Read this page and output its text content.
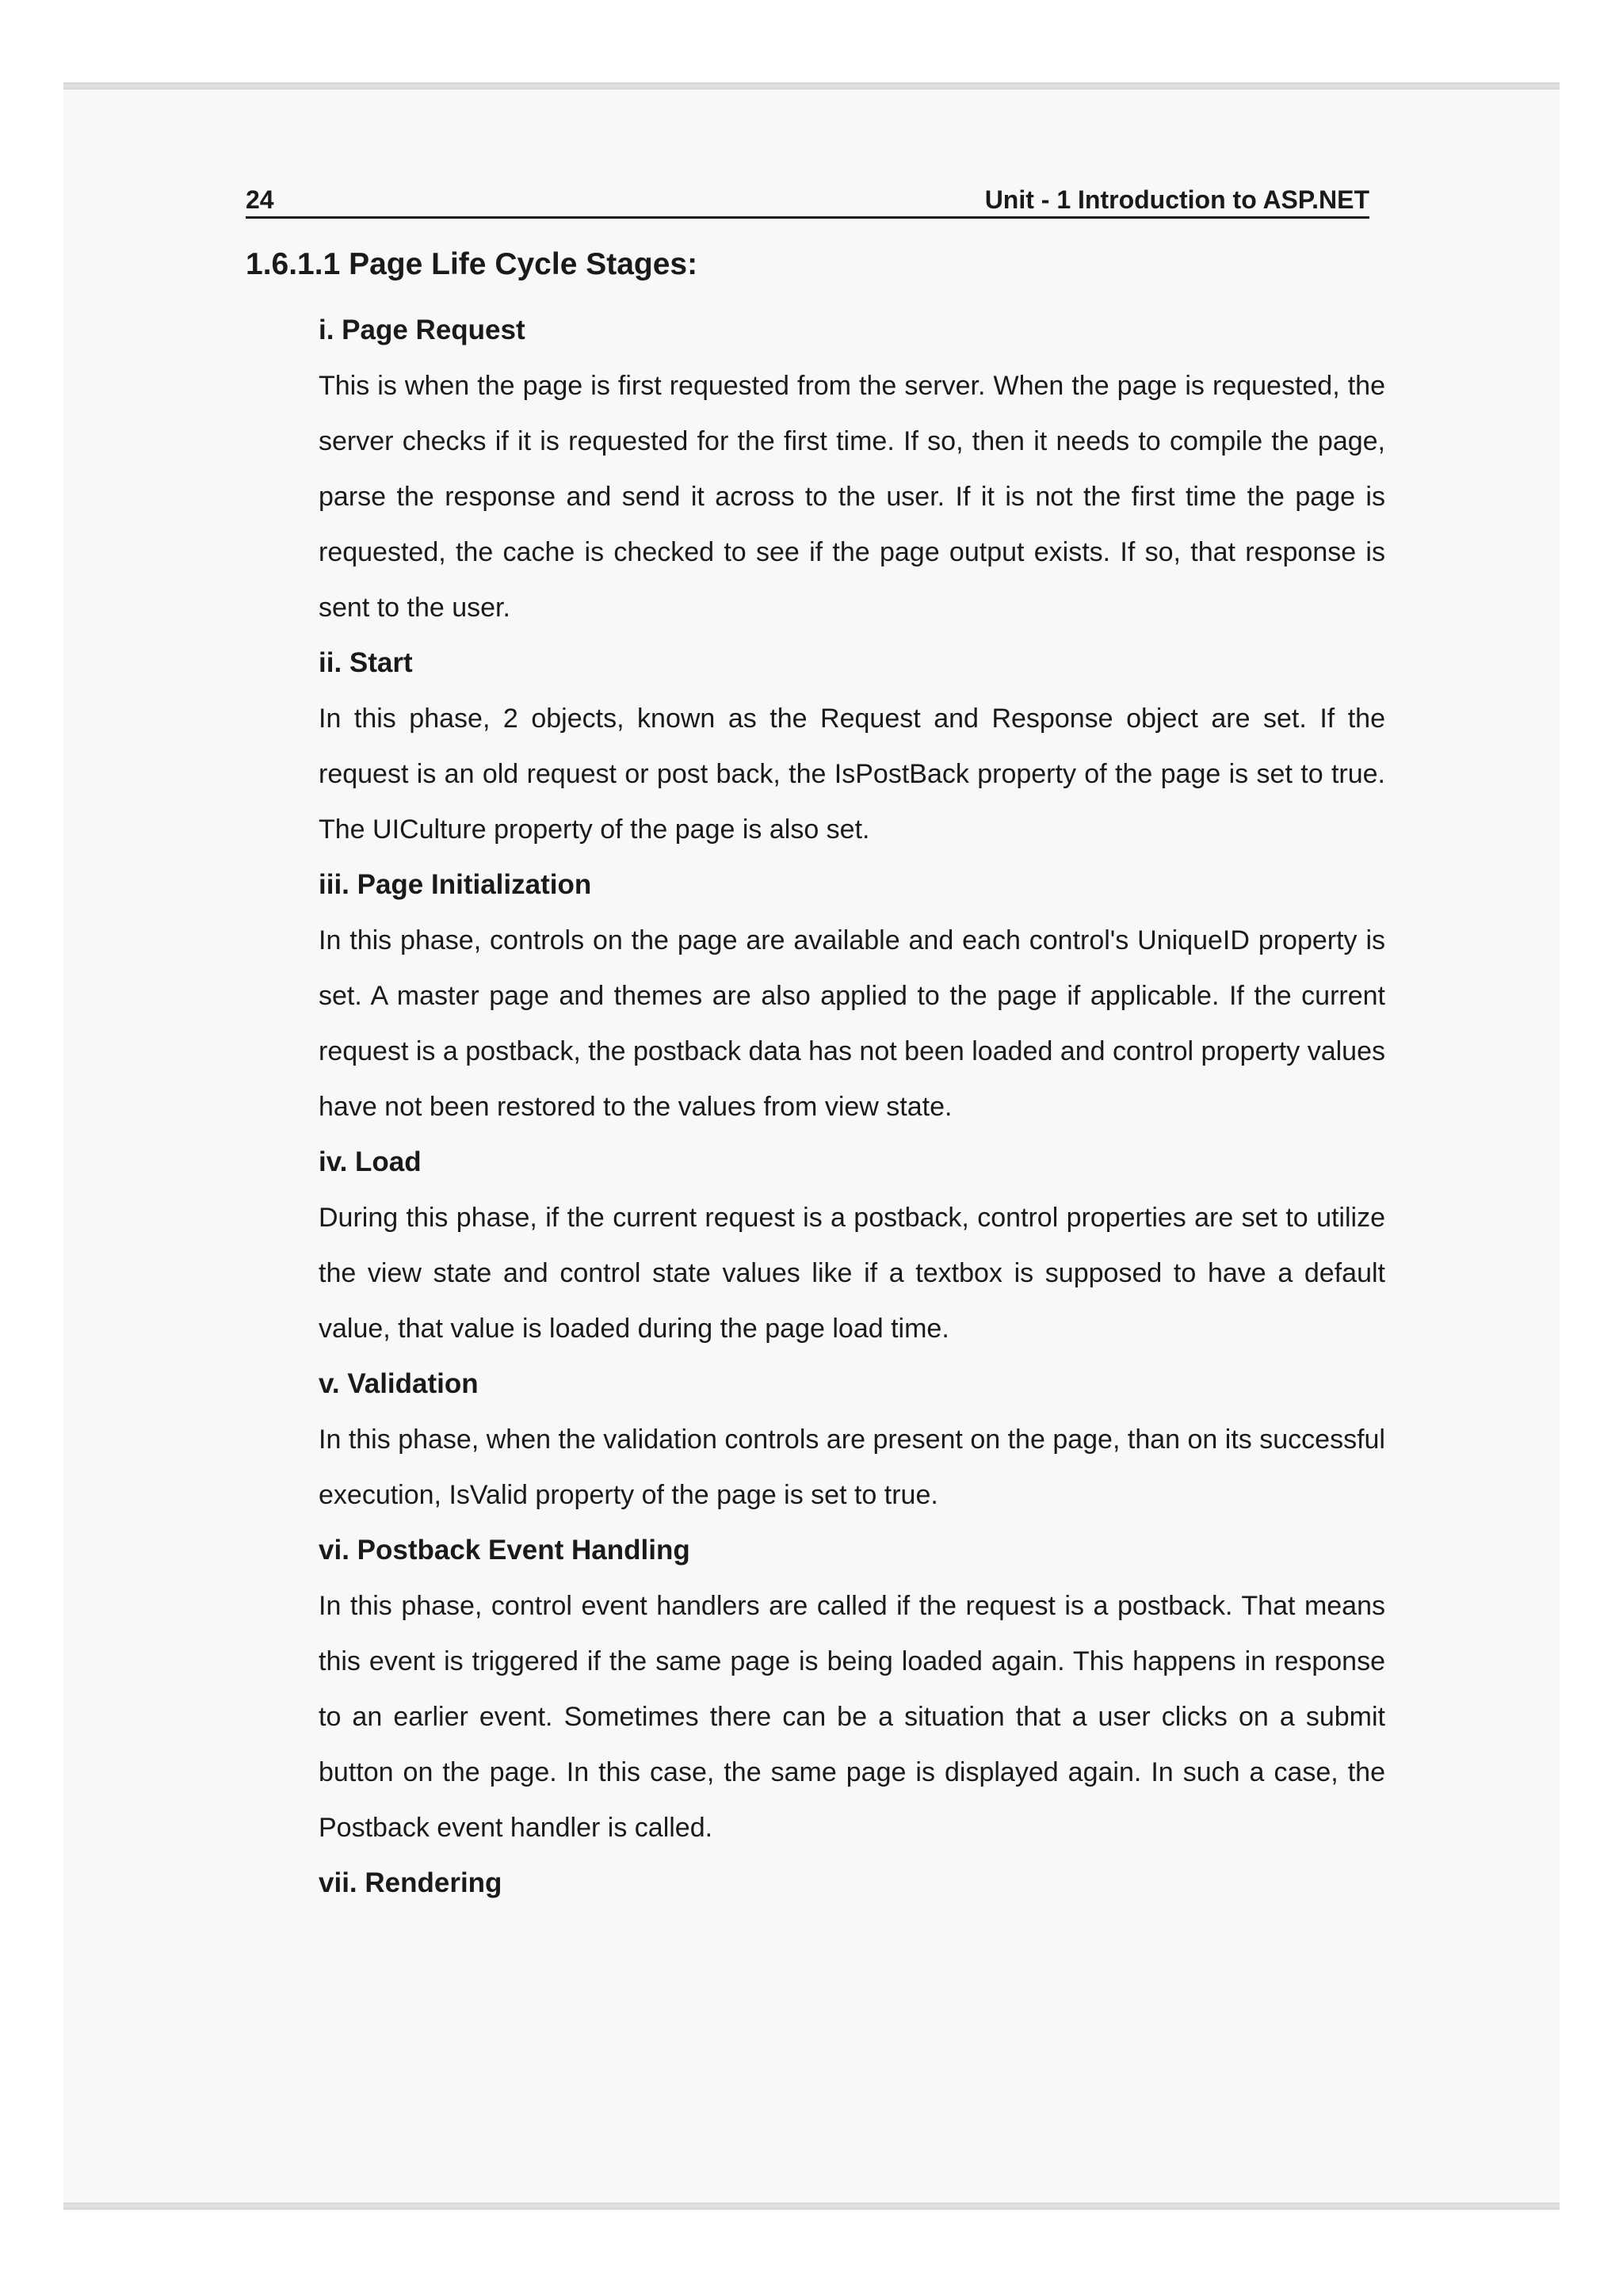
24	Unit - 1 Introduction to ASP.NET
1.6.1.1 Page Life Cycle Stages:
i. Page Request

This is when the page is first requested from the server. When the page is requested, the server checks if it is requested for the first time. If so, then it needs to compile the page, parse the response and send it across to the user. If it is not the first time the page is requested, the cache is checked to see if the page output exists. If so, that response is sent to the user.

ii. Start

In this phase, 2 objects, known as the Request and Response object are set. If the request is an old request or post back, the IsPostBack property of the page is set to true. The UICulture property of the page is also set.

iii. Page Initialization

In this phase, controls on the page are available and each control's UniqueID property is set. A master page and themes are also applied to the page if applicable. If the current request is a postback, the postback data has not been loaded and control property values have not been restored to the values from view state.

iv. Load

During this phase, if the current request is a postback, control properties are set to utilize the view state and control state values like if a textbox is supposed to have a default value, that value is loaded during the page load time.

v. Validation

In this phase, when the validation controls are present on the page, than on its successful execution, IsValid property of the page is set to true.

vi. Postback Event Handling

In this phase, control event handlers are called if the request is a postback. That means this event is triggered if the same page is being loaded again. This happens in response to an earlier event. Sometimes there can be a situation that a user clicks on a submit button on the page. In this case, the same page is displayed again. In such a case, the Postback event handler is called.

vii. Rendering
